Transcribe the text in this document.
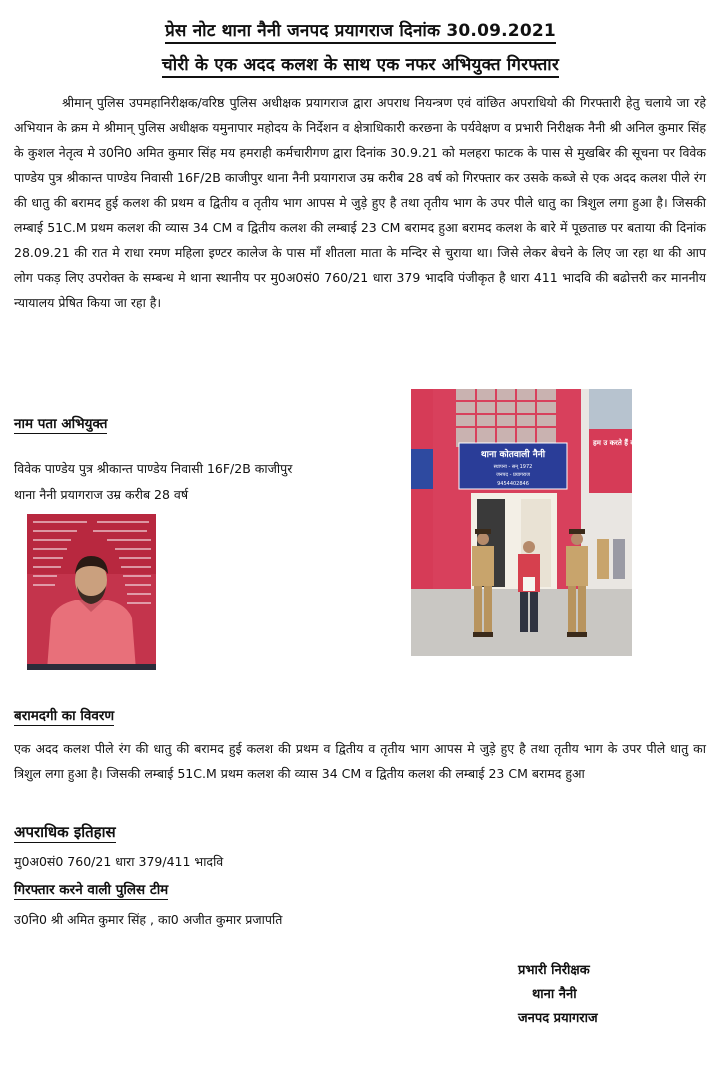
प्रेस नोट थाना नैनी जनपद प्रयागराज दिनांक 30.09.2021
चोरी के एक अदद कलश के साथ एक नफर अभियुक्त गिरफ्तार
श्रीमान् पुलिस उपमहानिरीक्षक/वरिष्ठ पुलिस अधीक्षक प्रयागराज द्वारा अपराध नियन्त्रण एवं वांछित अपराधियो की गिरफ्तारी हेतु चलाये जा रहे अभियान के क्रम मे श्रीमान् पुलिस अधीक्षक यमुनापार महोदय के निर्देशन व क्षेत्राधिकारी करछना के पर्यवेक्षण व प्रभारी निरीक्षक नैनी श्री अनिल कुमार सिंह के कुशल नेतृत्व मे उ0नि0 अमित कुमार सिंह मय हमराही कर्मचारीगण द्वारा दिनांक 30.9.21 को मलहरा फाटक के पास से मुखबिर की सूचना पर विवेक पाण्डेय पुत्र श्रीकान्त पाण्डेय निवासी 16F/2B काजीपुर थाना नैनी प्रयागराज उम्र करीब 28 वर्ष को गिरफ्तार कर उसके कब्जे से एक अदद कलश पीले रंग की धातु की बरामद हुई कलश की प्रथम व द्वितीय व तृतीय भाग आपस मे जुड़े हुए है तथा तृतीय भाग के उपर पीले धातु का त्रिशुल लगा हुआ है। जिसकी लम्बाई 51C.M प्रथम कलश की व्यास 34 CM व द्वितीय कलश की लम्बाई 23 CM बरामद हुआ बरामद कलश के बारे में पूछताछ पर बताया की दिनांक 28.09.21 की रात मे राधा रमण महिला इण्टर कालेज के पास माँ शीतला माता के मन्दिर से चुराया था। जिसे लेकर बेचने के लिए जा रहा था की आप लोग पकड़ लिए उपरोक्त के सम्बन्ध मे थाना स्थानीय पर मु0अ0सं0 760/21 धारा 379 भादवि पंजीकृत है धारा 411 भादवि की बढोत्तरी कर माननीय न्यायालय प्रेषित किया जा रहा है।
नाम पता अभियुक्त
विवेक पाण्डेय पुत्र श्रीकान्त पाण्डेय निवासी 16F/2B काजीपुर
थाना नैनी प्रयागराज उम्र करीब 28 वर्ष
थाना कोतवाली नैनी
स्थापना - सन् 1972
जनपद - प्रयागराज
9454402846
हम उ करते हैं का सम
बरामदगी का विवरण
एक अदद कलश पीले रंग की धातु की बरामद हुई कलश की प्रथम व द्वितीय व तृतीय भाग आपस मे जुड़े हुए है तथा तृतीय भाग के उपर पीले धातु का त्रिशुल लगा हुआ है। जिसकी लम्बाई 51C.M प्रथम कलश की व्यास 34 CM व द्वितीय कलश की लम्बाई 23 CM बरामद हुआ
अपराधिक इतिहास
मु0अ0सं0 760/21 धारा 379/411 भादवि
गिरफ्तार करने वाली पुलिस टीम
उ0नि0 श्री अमित कुमार सिंह , का0 अजीत कुमार प्रजापति
प्रभारी निरीक्षक
थाना नैनी
जनपद प्रयागराज
